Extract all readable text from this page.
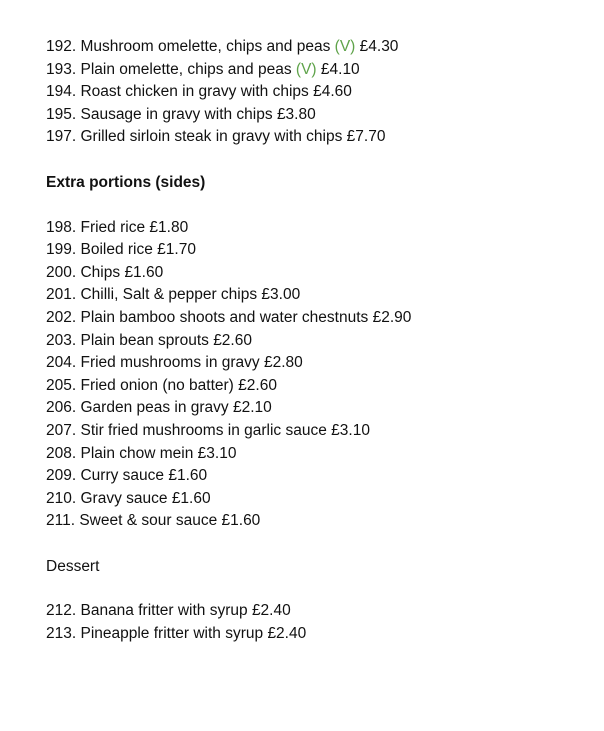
192. Mushroom omelette, chips and peas (V) £4.30
193. Plain omelette, chips and peas (V) £4.10
194. Roast chicken in gravy with chips £4.60
195. Sausage in gravy with chips £3.80
197. Grilled sirloin steak in gravy with chips £7.70
Extra portions (sides)
198. Fried rice £1.80
199. Boiled rice £1.70
200. Chips £1.60
201. Chilli, Salt & pepper chips £3.00
202. Plain bamboo shoots and water chestnuts £2.90
203. Plain bean sprouts £2.60
204. Fried mushrooms in gravy £2.80
205. Fried onion (no batter) £2.60
206. Garden peas in gravy £2.10
207. Stir fried mushrooms in garlic sauce £3.10
208. Plain chow mein £3.10
209. Curry sauce £1.60
210. Gravy sauce £1.60
211. Sweet & sour sauce £1.60
Dessert
212. Banana fritter with syrup £2.40
213. Pineapple fritter with syrup £2.40
